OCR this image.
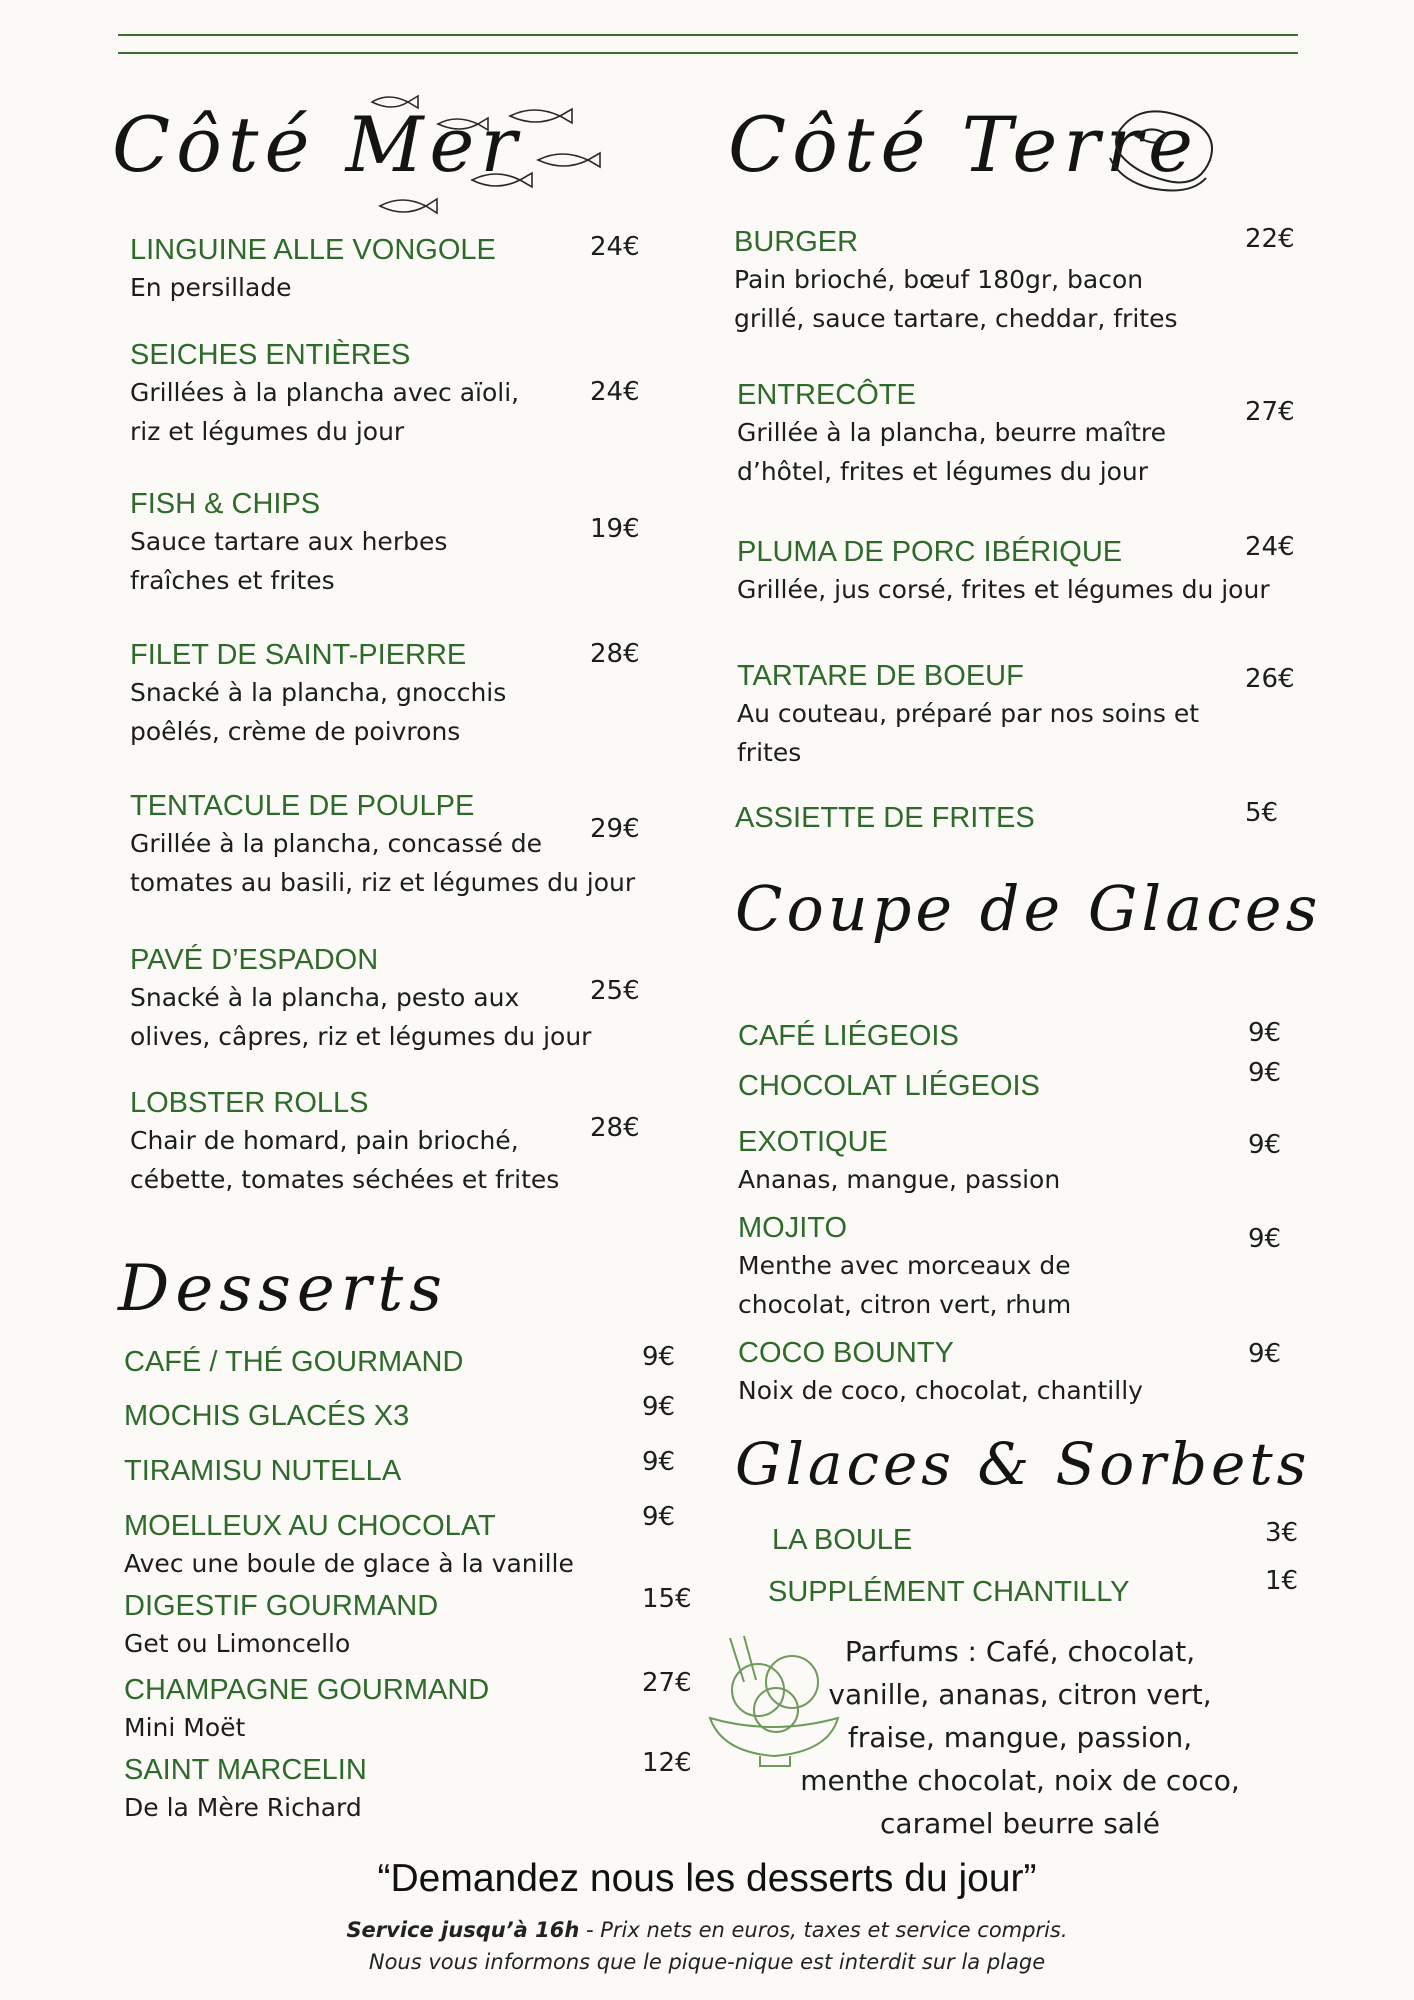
Côté Mer	Côté Terre
Coupe de Glaces
Desserts
Glaces & Sorbets
LINGUINE ALLE VONGOLE
En persillade
24€
SEICHES ENTIÈRES
Grillées à la plancha avec aïoli,
riz et légumes du jour
24€
FISH & CHIPS
Sauce tartare aux herbes
fraîches et frites
19€
FILET DE SAINT-PIERRE
Snacké à la plancha, gnocchis
poêlés, crème de poivrons
28€
TENTACULE DE POULPE
Grillée à la plancha, concassé de
tomates au basili, riz et légumes du jour
29€
PAVÉ D’ESPADON
Snacké à la plancha, pesto aux
olives, câpres, riz et légumes du jour
25€
LOBSTER ROLLS
Chair de homard, pain brioché,
cébette, tomates séchées et frites
28€
BURGER
Pain brioché, bœuf 180gr, bacon
grillé, sauce tartare, cheddar, frites
22€
ENTRECÔTE
Grillée à la plancha, beurre maître
d’hôtel, frites et légumes du jour
27€
PLUMA DE PORC IBÉRIQUE
Grillée, jus corsé, frites et légumes du jour
24€
TARTARE DE BOEUF
Au couteau, préparé par nos soins et
frites
26€
ASSIETTE DE FRITES	5€
CAFÉ LIÉGEOIS	9€
CHOCOLAT LIÉGEOIS	9€
EXOTIQUE
Ananas, mangue, passion
9€
MOJITO
Menthe avec morceaux de
chocolat, citron vert, rhum
9€
COCO BOUNTY
Noix de coco, chocolat, chantilly
9€
CAFÉ / THÉ GOURMAND	9€
MOCHIS GLACÉS X3	9€
TIRAMISU NUTELLA	9€
MOELLEUX AU CHOCOLAT
Avec une boule de glace à la vanille
9€
DIGESTIF GOURMAND
Get ou Limoncello
15€
CHAMPAGNE GOURMAND
Mini Moët
27€
SAINT MARCELIN
De la Mère Richard
12€
LA BOULE	3€
SUPPLÉMENT CHANTILLY	1€
Parfums : Café, chocolat,
vanille, ananas, citron vert,
fraise, mangue, passion,
menthe chocolat, noix de coco,
caramel beurre salé
“Demandez nous les desserts du jour”
Service jusqu’à 16h - Prix nets en euros, taxes et service compris.
Nous vous informons que le pique-nique est interdit sur la plage
